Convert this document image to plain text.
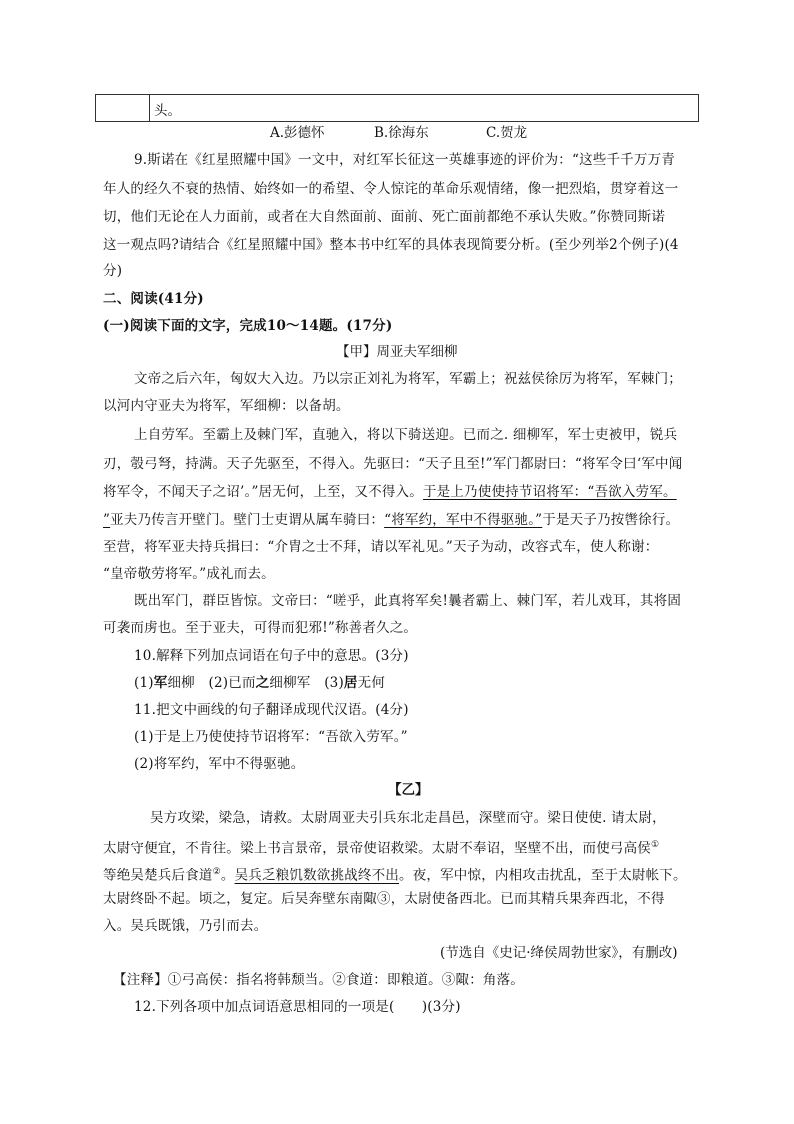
头。
A.彭德怀	B.徐海东	C.贺龙
9.斯诺在《红星照耀中国》一文中，对红军长征这一英雄事迹的评价为：“这些千千万万青
年人的经久不衰的热情、始终如一的希望、令人惊诧的革命乐观情绪，像一把烈焰，贯穿着这一
切，他们无论在人力面前，或者在大自然面前、面前、死亡面前都绝不承认失败。”你赞同斯诺
这一观点吗?请结合《红星照耀中国》整本书中红军的具体表现简要分析。(至少列举2个例子)(4
分)
二、阅读(41分)
(一)阅读下面的文字，完成10～14题。(17分)
【甲】周亚夫军细柳
文帝之后六年，匈奴大入边。乃以宗正刘礼为将军，军霸上；祝兹侯徐厉为将军，军棘门；
以河内守亚夫为将军，军细柳：以备胡。
上自劳军。至霸上及棘门军，直驰入，将以下骑送迎。已而之. 细柳军，军士吏被甲，锐兵
刃，彀弓弩，持满。天子先驱至，不得入。先驱曰：“天子且至!”军门都尉曰：“将军令曰‘军中闻
将军令，不闻天子之诏’。”居无何，上至，又不得入。于是上乃使使持节诏将军：“吾欲入劳军。
”亚夫乃传言开壁门。壁门士吏谓从属车骑曰：“将军约，军中不得驱驰。”于是天子乃按辔徐行。
至营，将军亚夫持兵揖曰：“介胄之士不拜，请以军礼见。”天子为动，改容式车，使人称谢：
“皇帝敬劳将军。”成礼而去。
既出军门，群臣皆惊。文帝曰：“嗟乎，此真将军矣!曩者霸上、棘门军，若儿戏耳，其将固
可袭而虏也。至于亚夫，可得而犯邪!”称善者久之。
10.解释下列加点词语在句子中的意思。(3分)
(1)军细柳　 (2)已而之细柳军　 (3)居无何
11.把文中画线的句子翻译成现代汉语。(4分)
(1)于是上乃使使持节诏将军：“吾欲入劳军。”
(2)将军约，军中不得驱驰。
【乙】
吴方攻梁，梁急，请救。太尉周亚夫引兵东北走昌邑，深壁而守。梁日使使. 请太尉，
太尉守便宜，不肯往。梁上书言景帝，景帝使诏救梁。太尉不奉诏，坚壁不出，而使弓高侯①
等绝吴楚兵后食道②。吴兵乏粮饥数欲挑战终不出。夜，军中惊，内相攻击扰乱，至于太尉帐下。
太尉终卧不起。顷之，复定。后吴奔壁东南陬③，太尉使备西北。已而其精兵果奔西北，不得
入。吴兵既饿，乃引而去。
(节选自《史记·绛侯周勃世家》，有删改)
【注释】①弓高侯：指名将韩颓当。②食道：即粮道。③陬：角落。
12.下列各项中加点词语意思相同的一项是(　　)(3分)
